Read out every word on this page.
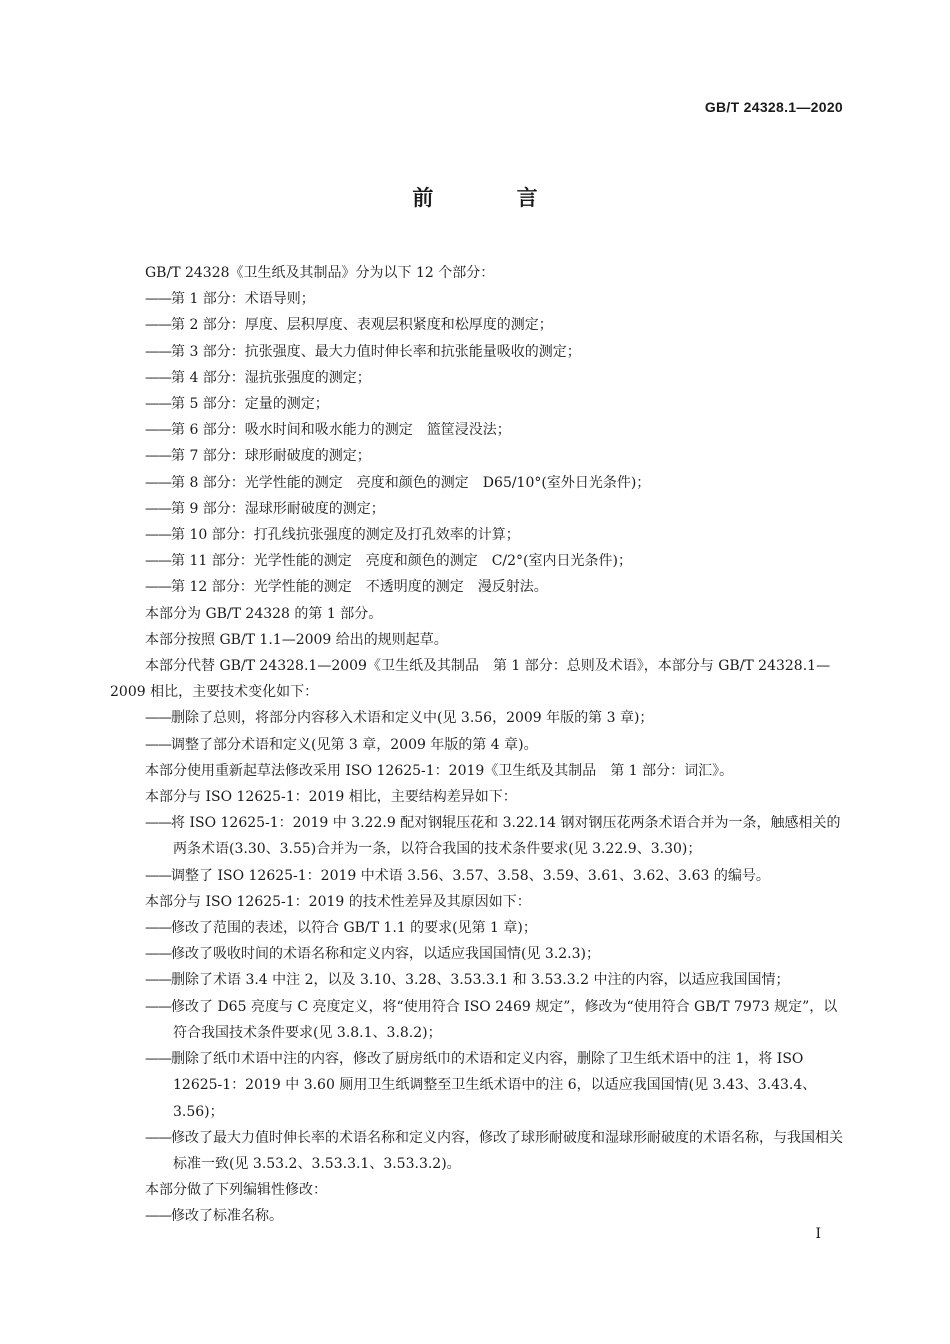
GB/T 24328.1—2020
前 言

GB/T 24328《卫生纸及其制品》分为以下 12 个部分：

——第 1 部分：术语导则；

——第 2 部分：厚度、层积厚度、表观层积紧度和松厚度的测定；

——第 3 部分：抗张强度、最大力值时伸长率和抗张能量吸收的测定；

——第 4 部分：湿抗张强度的测定；

——第 5 部分：定量的测定；

——第 6 部分：吸水时间和吸水能力的测定　篮筐浸没法；

——第 7 部分：球形耐破度的测定；

——第 8 部分：光学性能的测定　亮度和颜色的测定　D65/10°(室外日光条件)；

——第 9 部分：湿球形耐破度的测定；

——第 10 部分：打孔线抗张强度的测定及打孔效率的计算；

——第 11 部分：光学性能的测定　亮度和颜色的测定　C/2°(室内日光条件)；

——第 12 部分：光学性能的测定　不透明度的测定　漫反射法。

本部分为 GB/T 24328 的第 1 部分。

本部分按照 GB/T 1.1—2009 给出的规则起草。

本部分代替 GB/T 24328.1—2009《卫生纸及其制品　第 1 部分：总则及术语》，本部分与 GB/T 24328.1—2009 相比，主要技术变化如下：

——删除了总则，将部分内容移入术语和定义中(见 3.56，2009 年版的第 3 章)；

——调整了部分术语和定义(见第 3 章，2009 年版的第 4 章)。

本部分使用重新起草法修改采用 ISO 12625-1：2019《卫生纸及其制品　第 1 部分：词汇》。

本部分与 ISO 12625-1：2019 相比，主要结构差异如下：

——将 ISO 12625-1：2019 中 3.22.9 配对钢辊压花和 3.22.14 钢对钢压花两条术语合并为一条，触感相关的两条术语(3.30、3.55)合并为一条，以符合我国的技术条件要求(见 3.22.9、3.30)；

——调整了 ISO 12625-1：2019 中术语 3.56、3.57、3.58、3.59、3.61、3.62、3.63 的编号。

本部分与 ISO 12625-1：2019 的技术性差异及其原因如下：

——修改了范围的表述，以符合 GB/T 1.1 的要求(见第 1 章)；

——修改了吸收时间的术语名称和定义内容，以适应我国国情(见 3.2.3)；

——删除了术语 3.4 中注 2，以及 3.10、3.28、3.53.3.1 和 3.53.3.2 中注的内容，以适应我国国情；

——修改了 D65 亮度与 C 亮度定义，将“使用符合 ISO 2469 规定”，修改为“使用符合 GB/T 7973 规定”，以符合我国技术条件要求(见 3.8.1、3.8.2)；

——删除了纸巾术语中注的内容，修改了厨房纸巾的术语和定义内容，删除了卫生纸术语中的注 1，将 ISO 12625-1：2019 中 3.60 厕用卫生纸调整至卫生纸术语中的注 6，以适应我国国情(见 3.43、3.43.4、3.56)；

——修改了最大力值时伸长率的术语名称和定义内容，修改了球形耐破度和湿球形耐破度的术语名称，与我国相关标准一致(见 3.53.2、3.53.3.1、3.53.3.2)。

本部分做了下列编辑性修改：

——修改了标准名称。

I
